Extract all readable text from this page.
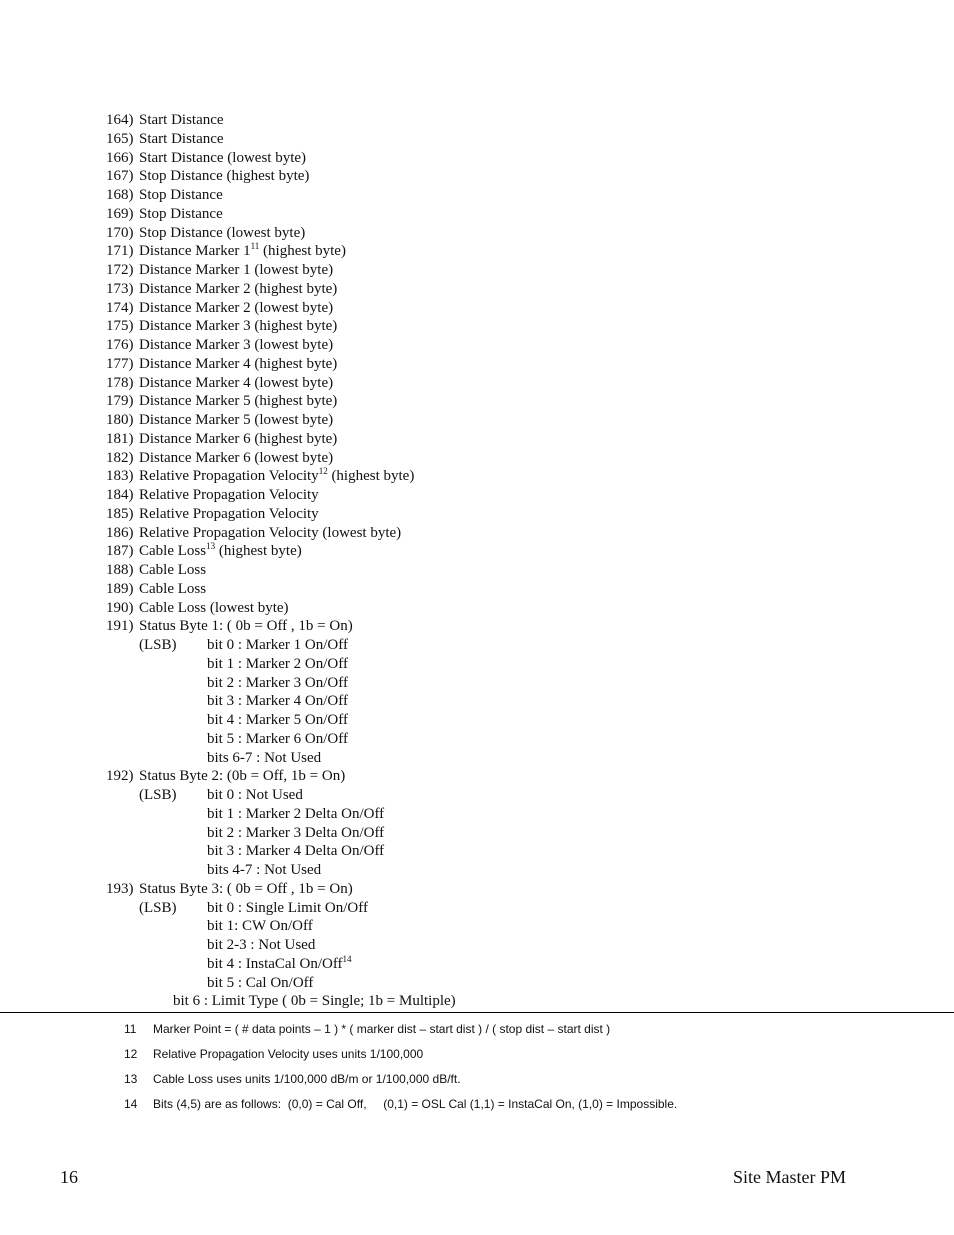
164) Start Distance
165) Start Distance
166) Start Distance (lowest byte)
167) Stop Distance (highest byte)
168) Stop Distance
169) Stop Distance
170) Stop Distance (lowest byte)
171) Distance Marker $1^{11}$ (highest byte)
172) Distance Marker 1 (lowest byte)
173) Distance Marker 2 (highest byte)
174) Distance Marker 2 (lowest byte)
175) Distance Marker 3 (highest byte)
176) Distance Marker 3 (lowest byte)
177) Distance Marker 4 (highest byte)
178) Distance Marker 4 (lowest byte)
179) Distance Marker 5 (highest byte)
180) Distance Marker 5 (lowest byte)
181) Distance Marker 6 (highest byte)
182) Distance Marker 6 (lowest byte)
183) Relative Propagation Velocity$^{12}$ (highest byte)
184) Relative Propagation Velocity
185) Relative Propagation Velocity
186) Relative Propagation Velocity (lowest byte)
187) Cable Loss$^{13}$ (highest byte)
188) Cable Loss
189) Cable Loss
190) Cable Loss (lowest byte)
191) Status Byte 1: ( 0b = Off , 1b = On)
(LSB) bit 0 : Marker 1 On/Off
bit 1 : Marker 2 On/Off
bit 2 : Marker 3 On/Off
bit 3 : Marker 4 On/Off
bit 4 : Marker 5 On/Off
bit 5 : Marker 6 On/Off
bits 6-7 : Not Used
192) Status Byte 2: (0b = Off, 1b = On)
(LSB) bit 0 : Not Used
bit 1 : Marker 2 Delta On/Off
bit 2 : Marker 3 Delta On/Off
bit 3 : Marker 4 Delta On/Off
bits 4-7 : Not Used
193) Status Byte 3: ( 0b = Off , 1b = On)
(LSB) bit 0 : Single Limit On/Off
bit 1: CW On/Off
bit 2-3 : Not Used
bit 4 : InstaCal On/Off$^{14}$
bit 5 : Cal On/Off
bit 6 : Limit Type ( 0b = Single; 1b = Multiple)
11 Marker Point = ( # data points – 1 ) * ( marker dist – start dist ) / ( stop dist – start dist )
12 Relative Propagation Velocity uses units 1/100,000
13 Cable Loss uses units 1/100,000 dB/m or 1/100,000 dB/ft.
14 Bits (4,5) are as follows:  (0,0) = Cal Off,     (0,1) = OSL Cal (1,1) = InstaCal On, (1,0) = Impossible.
16	Site Master PM
